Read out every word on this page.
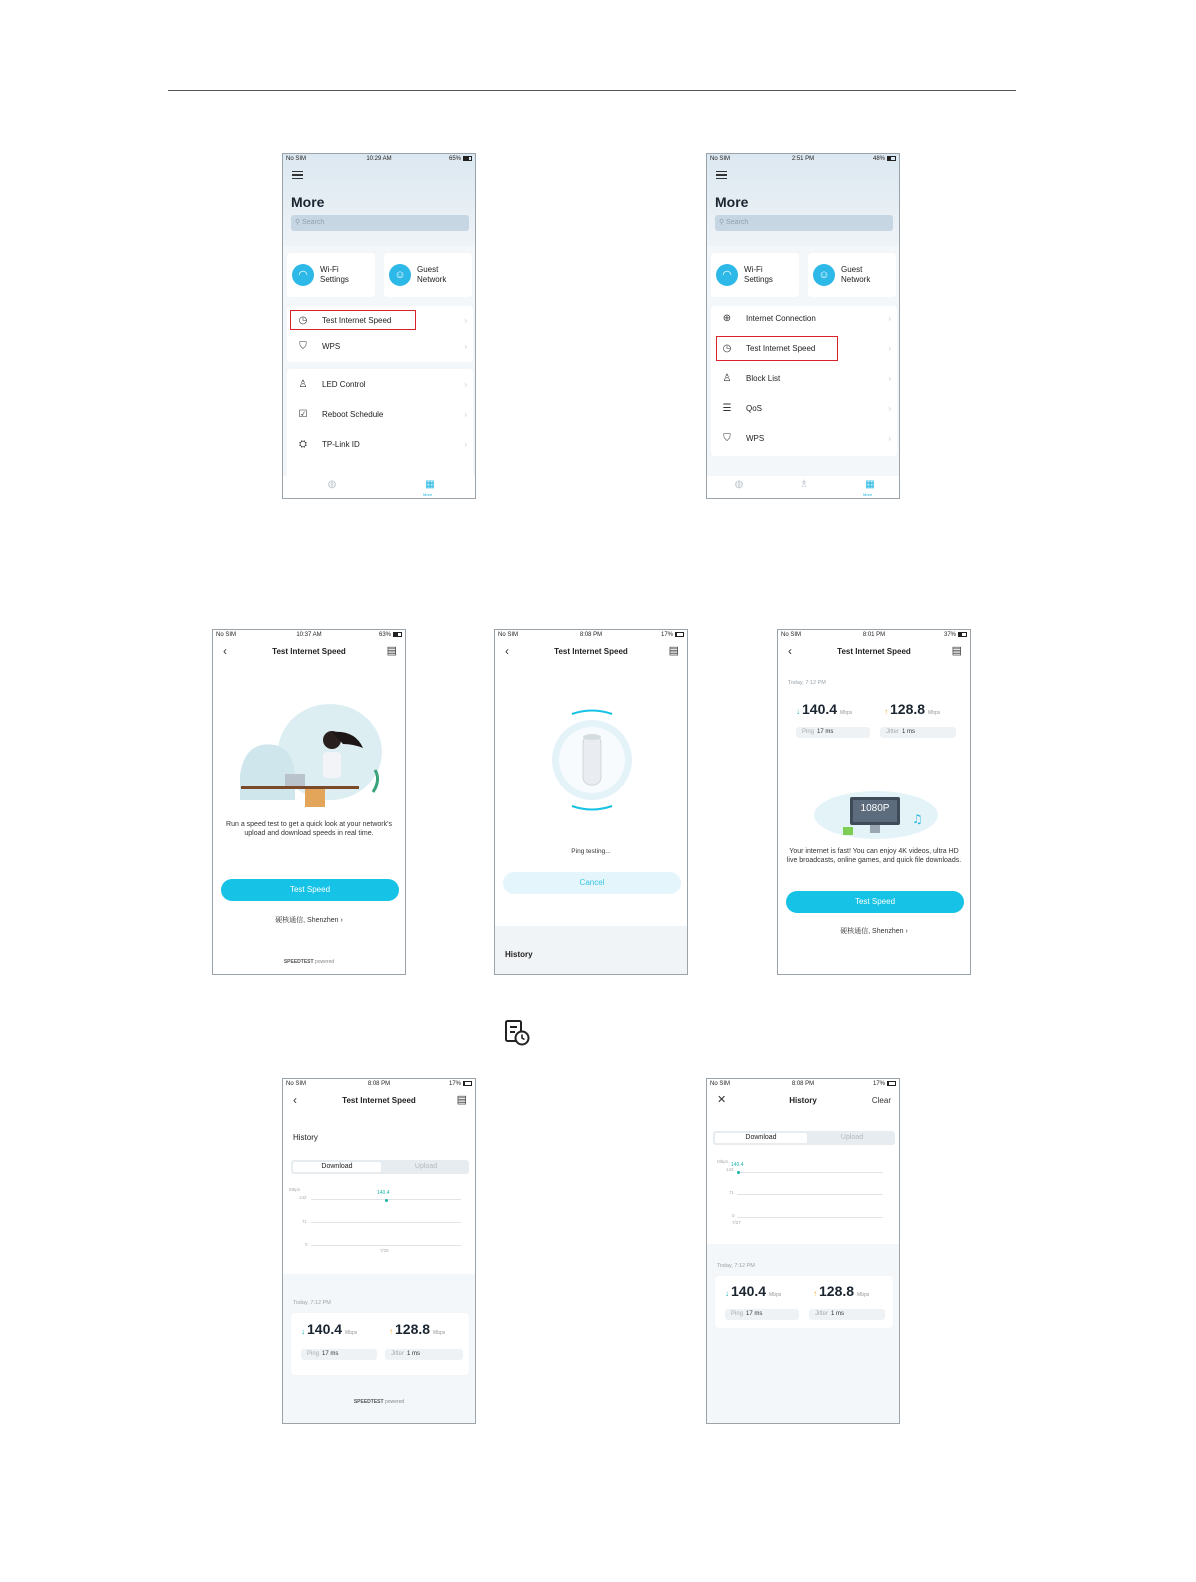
No SIM	10:29 AM	65%
More
⚲ Search
◠	Wi-Fi
Settings	☺	Guest
Network
◷ Test Internet Speed	›
⛉ WPS	›
♙ LED Control	›
☑ Reboot Schedule	›
⛭ TP-Link ID	›
◍	▦
More
No SIM	2:51 PM	48%
More
⚲ Search
◠	Wi-Fi
Settings	☺	Guest
Network
⊕ Internet Connection	›
◷ Test Internet Speed	›
♙ Block List	›
☰ QoS	›
⛉ WPS	›
◍	♗	▦
More
No SIM	10:37 AM	63%
‹	Test Internet Speed	▤
Run a speed test to get a quick look at your network's upload and download speeds in real time.
Test Speed
硬核通信, Shenzhen ›
SPEEDTEST powered
No SIM	8:08 PM	17%
‹	Test Internet Speed	▤
Ping testing...
Cancel
History
No SIM	8:01 PM	37%
‹	Test Internet Speed	▤
Today, 7:12 PM
↓ 140.4 Mbps	↑ 128.8 Mbps
Ping 17 ms	Jitter 1 ms
♫
1080P
Your internet is fast! You can enjoy 4K videos, ultra HD live broadcasts, online games, and quick file downloads.
Test Speed
硬核通信, Shenzhen ›
No SIM	8:08 PM	17%
‹	Test Internet Speed	▤
History
Download	Upload
Mbps
142
71
0
140.4
7/26
Today, 7:12 PM
↓ 140.4 Mbps	↑ 128.8 Mbps
Ping 17 ms	Jitter 1 ms
SPEEDTEST powered
No SIM	8:08 PM	17%
✕	History	Clear
Download	Upload
Mbps
142
71
0
140.4
7/27
Today, 7:12 PM
↓ 140.4 Mbps	↑ 128.8 Mbps
Ping 17 ms	Jitter 1 ms
